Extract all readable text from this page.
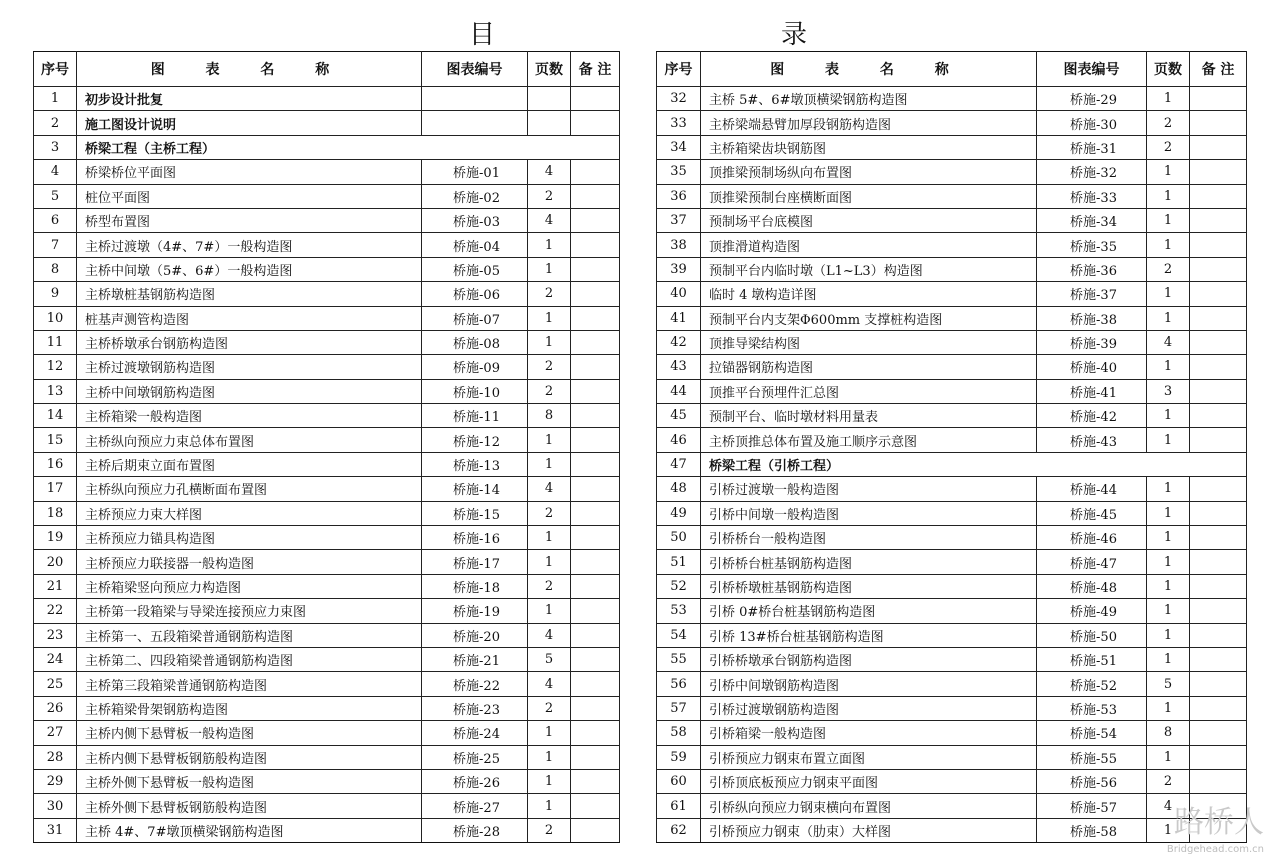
目　　录
序号	图 表 名 称	图表编号	页数	备 注
1	初步设计批复			
2	施工图设计说明			
3	桥梁工程（主桥工程）			
4	桥梁桥位平面图	桥施-01	4	
5	桩位平面图	桥施-02	2	
6	桥型布置图	桥施-03	4	
7	主桥过渡墩（4#、7#）一般构造图	桥施-04	1	
8	主桥中间墩（5#、6#）一般构造图	桥施-05	1	
9	主桥墩桩基钢筋构造图	桥施-06	2	
10	桩基声测管构造图	桥施-07	1	
11	主桥桥墩承台钢筋构造图	桥施-08	1	
12	主桥过渡墩钢筋构造图	桥施-09	2	
13	主桥中间墩钢筋构造图	桥施-10	2	
14	主桥箱梁一般构造图	桥施-11	8	
15	主桥纵向预应力束总体布置图	桥施-12	1	
16	主桥后期束立面布置图	桥施-13	1	
17	主桥纵向预应力孔横断面布置图	桥施-14	4	
18	主桥预应力束大样图	桥施-15	2	
19	主桥预应力锚具构造图	桥施-16	1	
20	主桥预应力联接器一般构造图	桥施-17	1	
21	主桥箱梁竖向预应力构造图	桥施-18	2	
22	主桥第一段箱梁与导梁连接预应力束图	桥施-19	1	
23	主桥第一、五段箱梁普通钢筋构造图	桥施-20	4	
24	主桥第二、四段箱梁普通钢筋构造图	桥施-21	5	
25	主桥第三段箱梁普通钢筋构造图	桥施-22	4	
26	主桥箱梁骨架钢筋构造图	桥施-23	2	
27	主桥内侧下悬臂板一般构造图	桥施-24	1	
28	主桥内侧下悬臂板钢筋般构造图	桥施-25	1	
29	主桥外侧下悬臂板一般构造图	桥施-26	1	
30	主桥外侧下悬臂板钢筋般构造图	桥施-27	1	
31	主桥 4#、7#墩顶横梁钢筋构造图	桥施-28	2	
序号	图 表 名 称	图表编号	页数	备 注
32	主桥 5#、6#墩顶横梁钢筋构造图	桥施-29	1	
33	主桥梁端悬臂加厚段钢筋构造图	桥施-30	2	
34	主桥箱梁齿块钢筋图	桥施-31	2	
35	顶推梁预制场纵向布置图	桥施-32	1	
36	顶推梁预制台座横断面图	桥施-33	1	
37	预制场平台底模图	桥施-34	1	
38	顶推滑道构造图	桥施-35	1	
39	预制平台内临时墩（L1~L3）构造图	桥施-36	2	
40	临时 4 墩构造详图	桥施-37	1	
41	预制平台内支架Φ600mm 支撑桩构造图	桥施-38	1	
42	顶推导梁结构图	桥施-39	4	
43	拉锚器钢筋构造图	桥施-40	1	
44	顶推平台预埋件汇总图	桥施-41	3	
45	预制平台、临时墩材料用量表	桥施-42	1	
46	主桥顶推总体布置及施工顺序示意图	桥施-43	1	
47	桥梁工程（引桥工程）			
48	引桥过渡墩一般构造图	桥施-44	1	
49	引桥中间墩一般构造图	桥施-45	1	
50	引桥桥台一般构造图	桥施-46	1	
51	引桥桥台桩基钢筋构造图	桥施-47	1	
52	引桥桥墩桩基钢筋构造图	桥施-48	1	
53	引桥 0#桥台桩基钢筋构造图	桥施-49	1	
54	引桥 13#桥台桩基钢筋构造图	桥施-50	1	
55	引桥桥墩承台钢筋构造图	桥施-51	1	
56	引桥中间墩钢筋构造图	桥施-52	5	
57	引桥过渡墩钢筋构造图	桥施-53	1	
58	引桥箱梁一般构造图	桥施-54	8	
59	引桥预应力钢束布置立面图	桥施-55	1	
60	引桥顶底板预应力钢束平面图	桥施-56	2	
61	引桥纵向预应力钢束横向布置图	桥施-57	4	
62	引桥预应力钢束（肋束）大样图	桥施-58	1	路桥人
Bridgehead.com.cn
